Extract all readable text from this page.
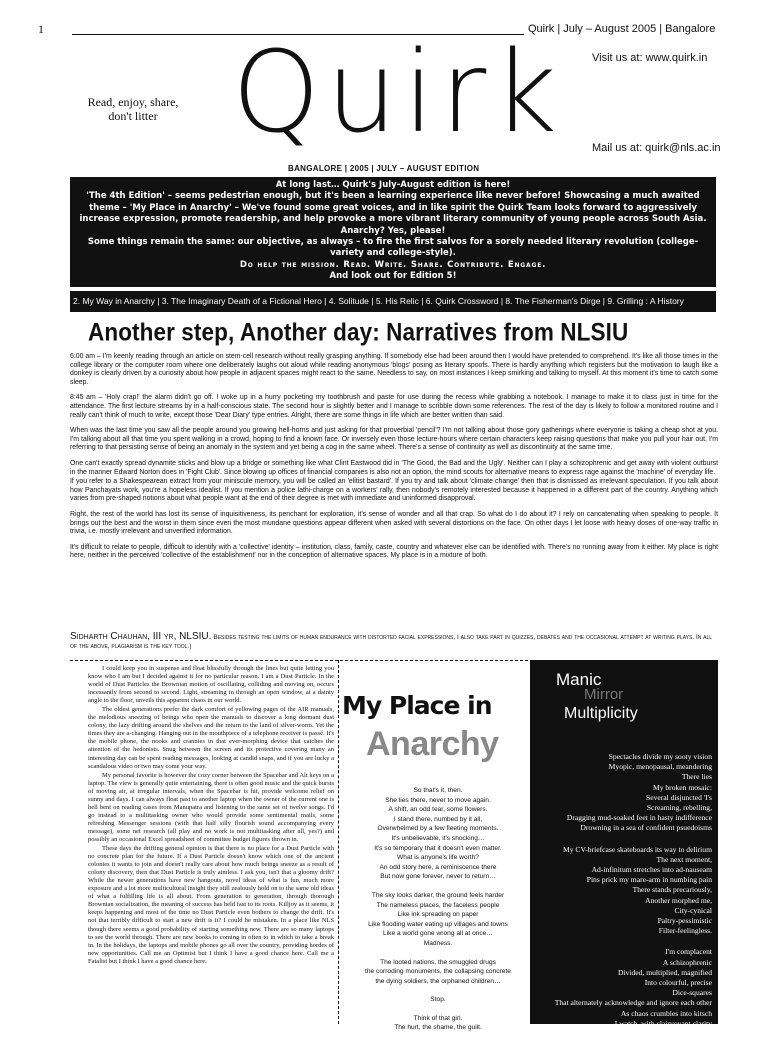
1	Quirk | July – August 2005 | Bangalore
Visit us at: www.quirk.in
Mail us at: quirk@nls.ac.in
Read, enjoy, share, don't litter Quirk
BANGALORE | 2005 | JULY – AUGUST EDITION
At long last… Quirk's July-August edition is here!
'The 4th Edition' – seems pedestrian enough, but it's been a learning experience like never before! Showcasing a much awaited theme – 'My Place in Anarchy' – We've found some great voices, and in like spirit the Quirk Team looks forward to aggressively increase expression, promote readership, and help provoke a more vibrant literary community of young people across South Asia. Anarchy? Yes, please!
Some things remain the same: our objective, as always – to fire the first salvos for a sorely needed literary revolution (college-variety and college-style).
Do help the mission. Read. Write. Share. Contribute. Engage.
And look out for Edition 5!
2. My Way in Anarchy | 3. The Imaginary Death of a Fictional Hero | 4. Solitude | 5. His Relic | 6. Quirk Crossword | 8. The Fisherman's Dirge | 9. Grilling : A History
Another step, Another day: Narratives from NLSIU

6:00 am – I'm keenly reading through an article on stem-cell research without really grasping anything. If somebody else had been around then I would have pretended to comprehend. It's like all those times in the college library or the computer room where one deliberately laughs out aloud while reading anonymous 'blogs' posing as literary spoofs. There is hardly anything which registers but the motivation to laugh like a donkey is clearly driven by a curiosity about how people in adjacent spaces might react to the same. Needless to say, on most instances I keep smirking and talking to myself. At this moment it's time to catch some sleep.

8:45 am – 'Holy crap!' the alarm didn't go off. I woke up in a hurry pocketing my toothbrush and paste for use during the recess while grabbing a notebook. I manage to make it to class just in time for the attendance. The first lecture streams by in a half-conscious state. The second hour is slightly better and I manage to scribble down some references. The rest of the day is likely to follow a monitored routine and I really can't think of much to write, except those 'Dear Diary' type entries. Alright, there are some things in life which are better written than said.

When was the last time you saw all the people around you growing hell-horns and just asking for that proverbial 'pencil'? I'm not talking about those gory gatherings where everyone is taking a cheap shot at you. I'm talking about all that time you spent walking in a crowd, hoping to find a known face. Or inversely even those lecture-hours where certain characters keep raising questions that make you pull your hair out. I'm referring to that persisting sense of being an anomaly in the system and yet being a cog in the same wheel. There's a sense of continuity as well as discontinuity at the same time.

One can't exactly spread dynamite sticks and blow up a bridge or something like what Clint Eastwood did in 'The Good, the Bad and the Ugly'. Neither can I play a schizophrenic and get away with violent outburst in the manner Edward Norton does in 'Fight Club'. Since blowing up offices of financial companies is also not an option, the mind scouts for alternative means to express rage against the 'machine' of everyday life.

If you refer to a Shakespearean extract from your miniscule memory, you will be called an 'elitist bastard'. If you try and talk about 'climate change' then that is dismissed as irrelevant speculation. If you talk about how Panchayats work, you're a hopeless idealist. If you mention a police lathi-charge on a workers' rally, then nobody's remotely interested because it happened in a different part of the country. Anything which varies from pre-shaped notions about what people want at the end of their degree is met with immediate and uninformed disapproval.

Right, the rest of the world has lost its sense of inquisitiveness, its penchant for exploration, it's sense of wonder and all that crap. So what do I do about it? I rely on cancatenating when speaking to people. It brings out the best and the worst in them since even the most mundane questions appear different when asked with several distortions on the face. On other days I let loose with heavy doses of one-way traffic in trivia, i.e. mostly irrelevant and unverified information.

It's difficult to relate to people, difficult to identify with a 'collective' identity – institution, class, family, caste, country and whatever else can be identified with. There's no running away from it either. My place is right here, neither in the perceived 'collective of the establishment' nor in the conception of alternative spaces. My place is in a mixture of both.

Sidharth Chauhan, III yr, NLSIU. Besides testing the limits of human endurance with distorted facial expressions, I also take part in quizzes, debates and the occasional attempt at writing plays. In all of the above, plagiarism is the key tool.)

I could keep you in suspense and float blissfully through the lines but quite letting you know who I am but I decided against it for no particular reason. I am a Dust Particle. In the world of Dust Particles the Brownian motion of oscillating, colliding and moving on, occurs incessantly from second to second. Light, streaming in through an open window, at a dainty angle to the floor, unveils this apparent chaos in our world.

The oldest generations prefer the dark comfort of yellowing pages of the AIR manuals, the melodious sneezing of beings who open the manuals to discover a long dormant dust colony, the lazy drifting around the shelves and the return to the land of silver-worm. Yet the times they are a-changing. Hanging out in the mouthpiece of a telephone receiver is passé. It's the mobile phone, the nooks and crannies in that ever-morphing device that catches the attention of the hedonists. Snug between the screen and its protective covering many an interesting day can be spent reading messages, looking at candid snaps, and if you are lucky a scandalous video or two may come your way.

My personal favorite is however the cozy corner between the Spacebar and Alt keys on a laptop. The view is generally quite entertaining, there is often good music and the quick bursts of moving air, at irregular intervals, when the Spacebar is hit, provide welcome relief on sunny and days. I can always float past to another laptop when the owner of the current one is hell bent on reading cases from Manupatra and listening to the same set of twelve songs. I'd go instead to a multitasking owner who would provide some sentimental mails, some refreshing Messenger sessions (with that half silly flourish sound accompanying every message), some net research (all play and no work is not multitasking after all, yes?) and possibly an occasional Excel spreadsheet of committee budget figures thrown in.

These days the drifting general opinion is that there is no place for a Dust Particle with no concrete plan for the future. If a Dust Particle doesn't know which one of the ancient colonies it wants to join and doesn't really care about how much beings sneeze as a result of colony discovery, then that Dust Particle is truly aimless. I ask you, isn't that a gloomy drift? While the newer generations have new hangouts, novel ideas of what is fun, much more exposure and a lot more multicultural insight they still zealously hold on to the same old ideas of what a fulfilling life is all about. From generation to generation, through thorough Brownian socialization, the meaning of success has held fast to its roots. Killjoy as it seems, it keeps happening and most of the time no Dust Particle even bothers to change the drift. It's not that terribly difficult to start a new drift is it? I could be mistaken. In a place like NLS though there seems a good probability of starting something new. There are so many laptops to see the world through. There are new books to coming in often to in which to take a break in. In the holidays, the laptops and mobile phones go all over the country, providing hordes of new opportunities. Call me an Optimist but I think I have a good chance here. Call me a Fatalist but I think I have a good chance here.

My Place in
Anarchy
So that's it, then.
She lies there, never to move again.
A shift, an odd tear, some flowers.
I stand there, numbed by it all,
Overwhelmed by a few fleeting moments.
It's unbelievable, it's shocking…
It's so temporary that it doesn't even matter.
What is anyone's life worth?
An odd story here, a reminiscence there
But now gone forever, never to return…
The sky looks darker, the ground feels harder
The nameless places, the faceless people
Like ink spreading on paper
Like flooding water eating up villages and towns
Like a world gone wrong all at once…
Madness.
The looted nations, the smuggled drugs
the corroding monuments, the collapsing concrete
the dying soldiers, the orphaned children…
Stop.
Think of that girl.
The hurt, the shame, the guilt.
Manic
Mirror
Multiplicity
Spectacles divide my sooty vision
Myopic, menopausal, meandering
There lies
My broken mosaic:
Several disjuncted 'I's
Screaming, rebelling,
Dragging mud-soaked feet in hasty indifference
Drowning in a sea of confident psuedoisms
My CV-briefcase skateboards its way to delirium
The next moment,
Ad-infinitum stretches into ad-nauseam
Pins prick my mare-arm in numbing pain
There stands precariously,
Another morphed me,
City-cynical
Paltry-pessimistic
Filter-feelingless.
I'm complacent
A schizophrenic
Divided, multiplied, magnified
Into colourful, precise
Dice-squares
That alternately acknowledge and ignore each other
As chaos crumbles into kitsch
I watch, with clairvoyant clarity
